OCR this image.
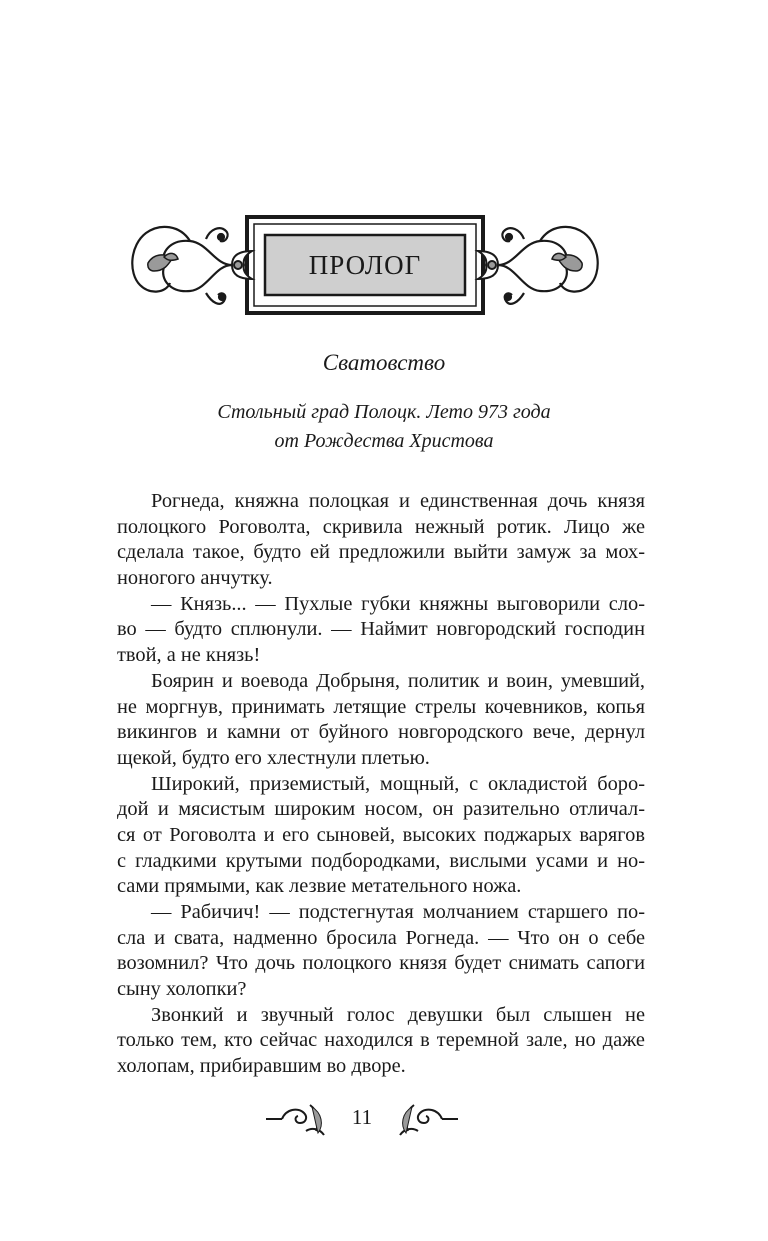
ПРОЛОГ
Сватовство
Стольный град Полоцк. Лето 973 года
от Рождества Христова
Рогнеда, княжна полоцкая и единственная дочь князя
полоцкого Роговолта, скривила нежный ротик. Лицо же
сделала такое, будто ей предложили выйти замуж за мох-
ноногого анчутку.
— Князь... — Пухлые губки княжны выговорили сло-
во — будто сплюнули. — Наймит новгородский господин
твой, а не князь!
Боярин и воевода Добрыня, политик и воин, умевший,
не моргнув, принимать летящие стрелы кочевников, копья
викингов и камни от буйного новгородского вече, дернул
щекой, будто его хлестнули плетью.
Широкий, приземистый, мощный, с окладистой боро-
дой и мясистым широким носом, он разительно отличал-
ся от Роговолта и его сыновей, высоких поджарых варягов
с гладкими крутыми подбородками, вислыми усами и но-
сами прямыми, как лезвие метательного ножа.
— Рабичич! — подстегнутая молчанием старшего по-
сла и свата, надменно бросила Рогнеда. — Что он о себе
возомнил? Что дочь полоцкого князя будет снимать сапоги
сыну холопки?
Звонкий и звучный голос девушки был слышен не
только тем, кто сейчас находился в теремной зале, но даже
холопам, прибиравшим во дворе.
11
